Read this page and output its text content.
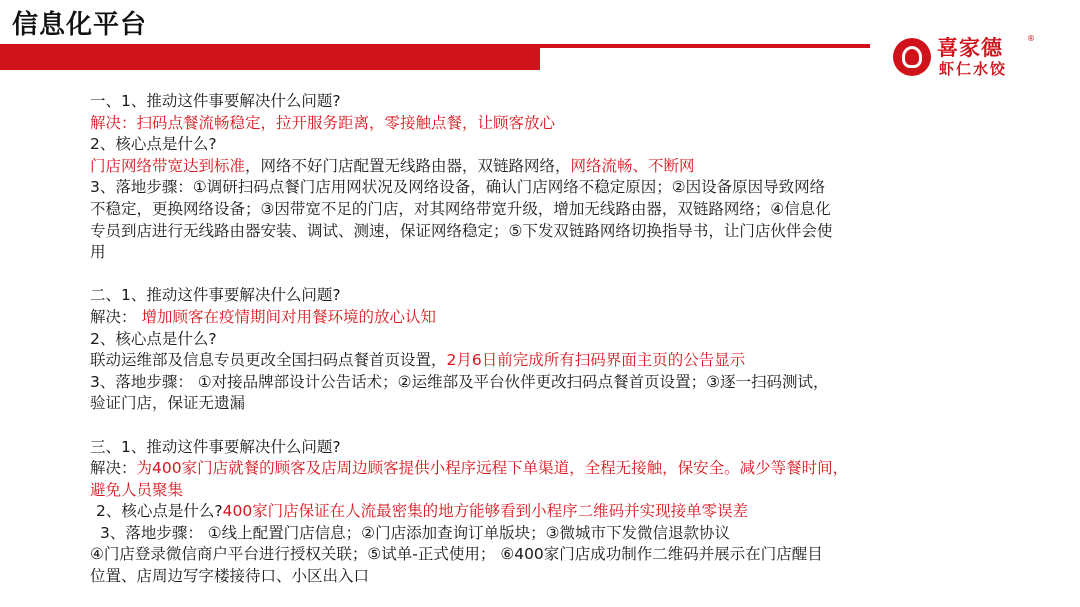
信息化平台
喜家德	®
虾仁水饺

一、1、推动这件事要解决什么问题?

解决：扫码点餐流畅稳定，拉开服务距离，零接触点餐，让顾客放心

2、核心点是什么?

门店网络带宽达到标准，网络不好门店配置无线路由器，双链路网络，网络流畅、不断网

3、落地步骤：①调研扫码点餐门店用网状况及网络设备，确认门店网络不稳定原因；②因设备原因导致网络

不稳定，更换网络设备；③因带宽不足的门店，对其网络带宽升级，增加无线路由器，双链路网络；④信息化

专员到店进行无线路由器安装、调试、测速，保证网络稳定；⑤下发双链路网络切换指导书，让门店伙伴会使

用

二、1、推动这件事要解决什么问题?

解决： 增加顾客在疫情期间对用餐环境的放心认知

2、核心点是什么?

联动运维部及信息专员更改全国扫码点餐首页设置，2月6日前完成所有扫码界面主页的公告显示

3、落地步骤： ①对接品牌部设计公告话术；②运维部及平台伙伴更改扫码点餐首页设置；③逐一扫码测试，

验证门店，保证无遗漏

三、1、推动这件事要解决什么问题?

解决：为400家门店就餐的顾客及店周边顾客提供小程序远程下单渠道，全程无接触，保安全。减少等餐时间，

避免人员聚集

2、核心点是什么?400家门店保证在人流最密集的地方能够看到小程序二维码并实现接单零误差

3、落地步骤： ①线上配置门店信息；②门店添加查询订单版块；③微城市下发微信退款协议

④门店登录微信商户平台进行授权关联；⑤试单-正式使用； ⑥400家门店成功制作二维码并展示在门店醒目

位置、店周边写字楼接待口、小区出入口
